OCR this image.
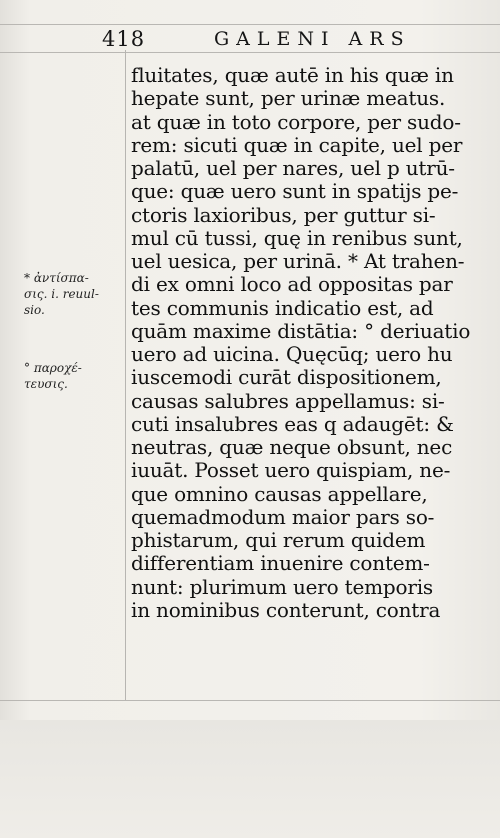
418	GALENI ARS
fluitates, quæ autē in his quæ in
hepate sunt, per urinæ meatus.
at quæ in toto corpore, per sudo-
rem: sicuti quæ in capite, uel per
palatū, uel per nares, uel p utrū-
que: quæ uero sunt in spatijs pe-
ctoris laxioribus, per guttur si-
mul cū tussi, quę in renibus sunt,
uel uesica, per urinā. * At trahen-
di ex omni loco ad oppositas par
tes communis indicatio est, ad
quām maxime distātia: ° deriuatio
uero ad uicina. Quęcūq; uero hu
iuscemodi curāt dispositionem,
causas salubres appellamus: si-
cuti insalubres eas q adaugēt: &
neutras, quæ neque obsunt, nec
iuuāt. Posset uero quispiam, ne-
que omnino causas appellare,
quemadmodum maior pars so-
phistarum, qui rerum quidem
differentiam inuenire contem-
nunt: plurimum uero temporis
in nominibus conterunt, contra
* ἀντίσπα-
σις. i. reuul-
sio.
° παροχέ-
τευσις.
